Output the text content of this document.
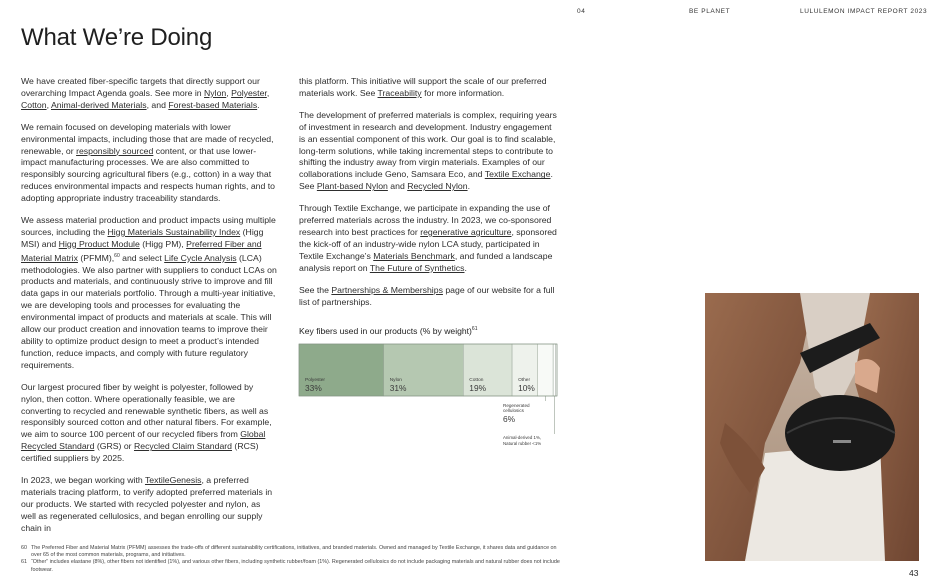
04	BE PLANET	LULULEMON IMPACT REPORT 2023
What We’re Doing

We have created fiber-specific targets that directly support our overarching Impact Agenda goals. See more in Nylon, Polyester, Cotton, Animal-derived Materials, and Forest-based Materials.

We remain focused on developing materials with lower environmental impacts, including those that are made of recycled, renewable, or responsibly sourced content, or that use lower-impact manufacturing processes. We are also committed to responsibly sourcing agricultural fibers (e.g., cotton) in a way that reduces environmental impacts and respects human rights, and to adopting appropriate industry traceability standards.

We assess material production and product impacts using multiple sources, including the Higg Materials Sustainability Index (Higg MSI) and Higg Product Module (Higg PM), Preferred Fiber and Material Matrix (PFMM),$^{60}$ and select Life Cycle Analysis (LCA) methodologies. We also partner with suppliers to conduct LCAs on products and materials, and continuously strive to improve and fill data gaps in our materials portfolio. Through a multi-year initiative, we are developing tools and processes for evaluating the environmental impact of products and materials at scale. This will allow our product creation and innovation teams to improve their ability to optimize product design to meet a product’s intended function, reduce impacts, and comply with future regulatory requirements.

Our largest procured fiber by weight is polyester, followed by nylon, then cotton. Where operationally feasible, we are converting to recycled and renewable synthetic fibers, as well as responsibly sourced cotton and other natural fibers. For example, we aim to source 100 percent of our recycled fibers from Global Recycled Standard (GRS) or Recycled Claim Standard (RCS) certified suppliers by 2025.

In 2023, we began working with TextileGenesis, a preferred materials tracing platform, to verify adopted preferred materials in our products. We started with recycled polyester and nylon, as well as regenerated cellulosics, and began enrolling our supply chain in

this platform. This initiative will support the scale of our preferred materials work. See Traceability for more information.

The development of preferred materials is complex, requiring years of investment in research and development. Industry engagement is an essential component of this work. Our goal is to find scalable, long-term solutions, while taking incremental steps to contribute to shifting the industry away from virgin materials. Examples of our collaborations include Geno, Samsara Eco, and Textile Exchange. See Plant-based Nylon and Recycled Nylon.

Through Textile Exchange, we participate in expanding the use of preferred materials across the industry. In 2023, we co-sponsored research into best practices for regenerative agriculture, sponsored the kick-off of an industry-wide nylon LCA study, participated in Textile Exchange’s Materials Benchmark, and funded a landscape analysis report on The Future of Synthetics.

See the Partnerships & Memberships page of our website for a full list of partnerships.

Key fibers used in our products (% by weight)$^{61}$
Polyester
33%
Nylon
31%
Cotton
19%
Other
10%
Regenerated
cellulosics
6%
Animal-derived 1%,
Natural rubber <1%
60 The Preferred Fiber and Material Matrix (PFMM) assesses the trade-offs of different sustainability certifications, initiatives, and branded materials. Owned and managed by Textile Exchange, it shares data and guidance on over 65 of the most common materials, programs, and initiatives.
61 “Other” includes elastane (8%), other fibers not identified (1%), and various other fibers, including synthetic rubber/foam (1%). Regenerated cellulosics do not include packaging materials and natural rubber does not include footwear.	43
